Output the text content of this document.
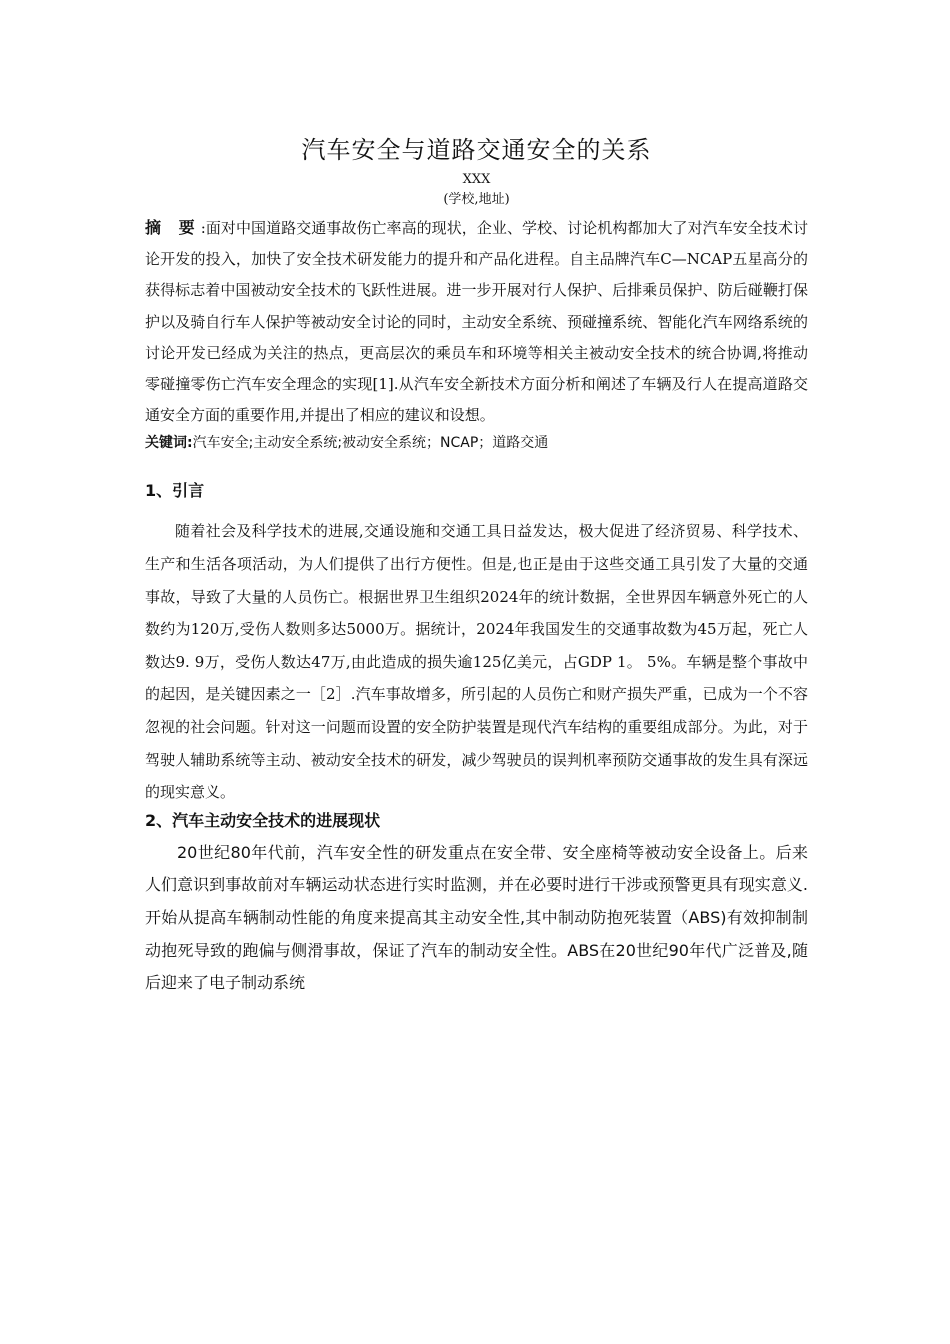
汽车安全与道路交通安全的关系

XXX

(学校,地址)

摘 要:面对中国道路交通事故伤亡率高的现状，企业、学校、讨论机构都加大了对汽车安全技术讨论开发的投入，加快了安全技术研发能力的提升和产品化进程。自主品牌汽车C—NCAP五星高分的获得标志着中国被动安全技术的飞跃性进展。进一步开展对行人保护、后排乘员保护、防后碰鞭打保护以及骑自行车人保护等被动安全讨论的同时，主动安全系统、预碰撞系统、智能化汽车网络系统的讨论开发已经成为关注的热点，更高层次的乘员车和环境等相关主被动安全技术的统合协调,将推动零碰撞零伤亡汽车安全理念的实现[1].从汽车安全新技术方面分析和阐述了车辆及行人在提高道路交通安全方面的重要作用,并提出了相应的建议和设想。

关键词:汽车安全;主动安全系统;被动安全系统；NCAP；道路交通

1、引言

随着社会及科学技术的进展,交通设施和交通工具日益发达，极大促进了经济贸易、科学技术、生产和生活各项活动，为人们提供了出行方便性。但是,也正是由于这些交通工具引发了大量的交通事故，导致了大量的人员伤亡。根据世界卫生组织2024年的统计数据，全世界因车辆意外死亡的人数约为120万,受伤人数则多达5000万。据统计，2024年我国发生的交通事故数为45万起，死亡人数达9. 9万，受伤人数达47万,由此造成的损失逾125亿美元，占GDP 1。 5%。车辆是整个事故中的起因，是关键因素之一［2］.汽车事故增多，所引起的人员伤亡和财产损失严重，已成为一个不容忽视的社会问题。针对这一问题而设置的安全防护装置是现代汽车结构的重要组成部分。为此，对于驾驶人辅助系统等主动、被动安全技术的研发，减少驾驶员的误判机率预防交通事故的发生具有深远的现实意义。

2、汽车主动安全技术的进展现状

20世纪80年代前，汽车安全性的研发重点在安全带、安全座椅等被动安全设备上。后来人们意识到事故前对车辆运动状态进行实时监测，并在必要时进行干涉或预警更具有现实意义.开始从提高车辆制动性能的角度来提高其主动安全性,其中制动防抱死装置（ABS)有效抑制制动抱死导致的跑偏与侧滑事故，保证了汽车的制动安全性。ABS在20世纪90年代广泛普及,随后迎来了电子制动系统
